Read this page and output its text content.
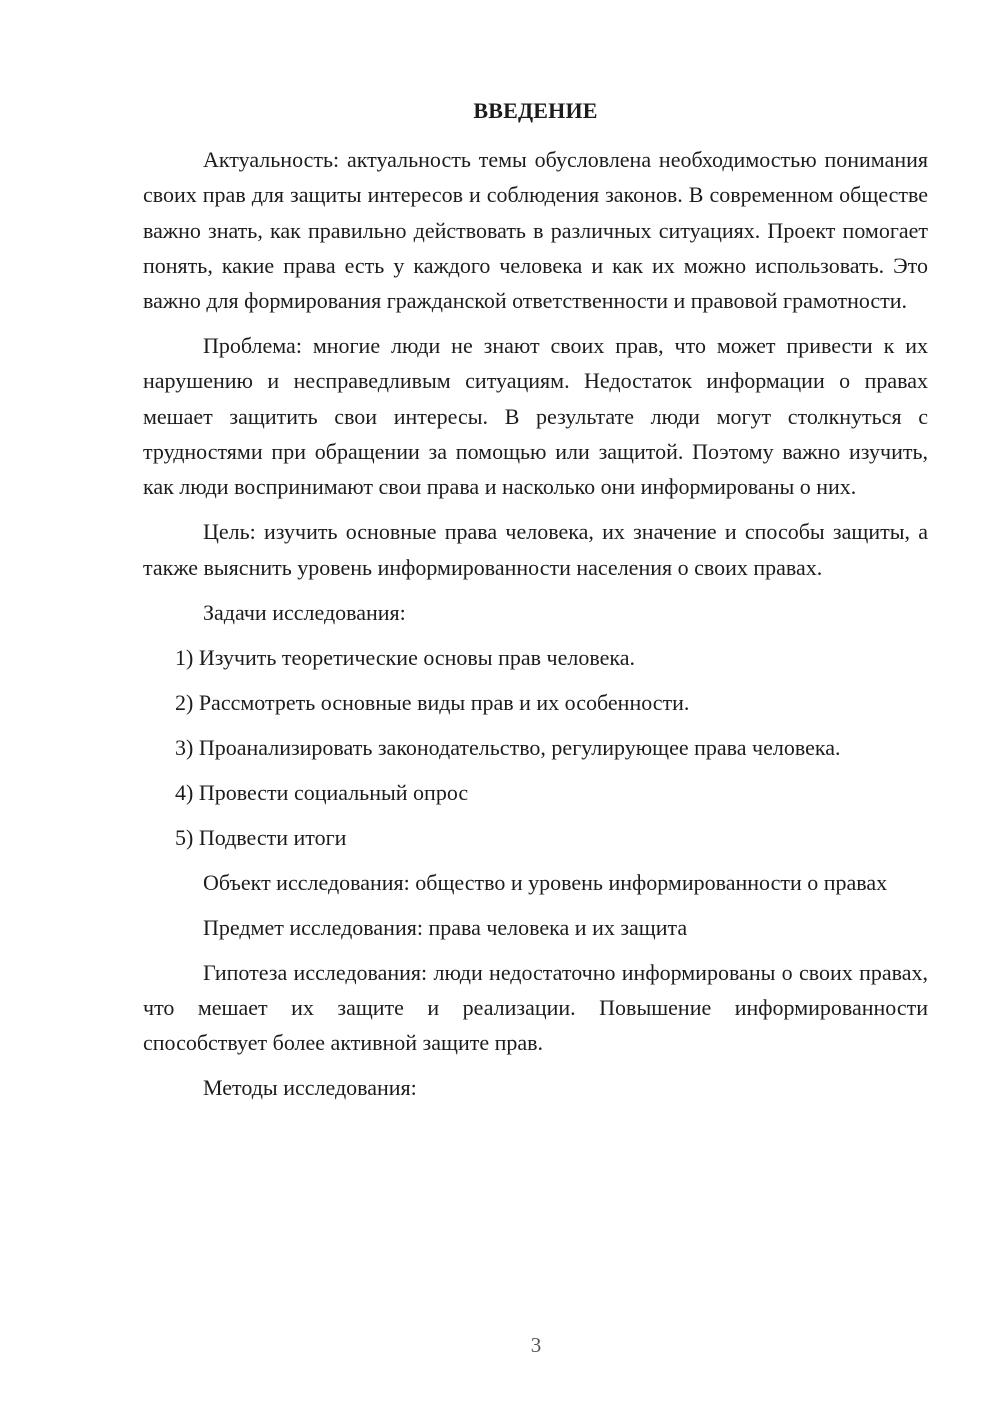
ВВЕДЕНИЕ

Актуальность: актуальность темы обусловлена необходимостью понимания своих прав для защиты интересов и соблюдения законов. В современном обществе важно знать, как правильно действовать в различных ситуациях. Проект помогает понять, какие права есть у каждого человека и как их можно использовать. Это важно для формирования гражданской ответственности и правовой грамотности.

Проблема: многие люди не знают своих прав, что может привести к их нарушению и несправедливым ситуациям. Недостаток информации о правах мешает защитить свои интересы. В результате люди могут столкнуться с трудностями при обращении за помощью или защитой. Поэтому важно изучить, как люди воспринимают свои права и насколько они информированы о них.

Цель: изучить основные права человека, их значение и способы защиты, а также выяснить уровень информированности населения о своих правах.

Задачи исследования:

1) Изучить теоретические основы прав человека.

2) Рассмотреть основные виды прав и их особенности.

3) Проанализировать законодательство, регулирующее права человека.

4) Провести социальный опрос

5) Подвести итоги

Объект исследования: общество и уровень информированности о правах

Предмет исследования: права человека и их защита

Гипотеза исследования: люди недостаточно информированы о своих правах, что мешает их защите и реализации. Повышение информированности способствует более активной защите прав.

Методы исследования:

3
